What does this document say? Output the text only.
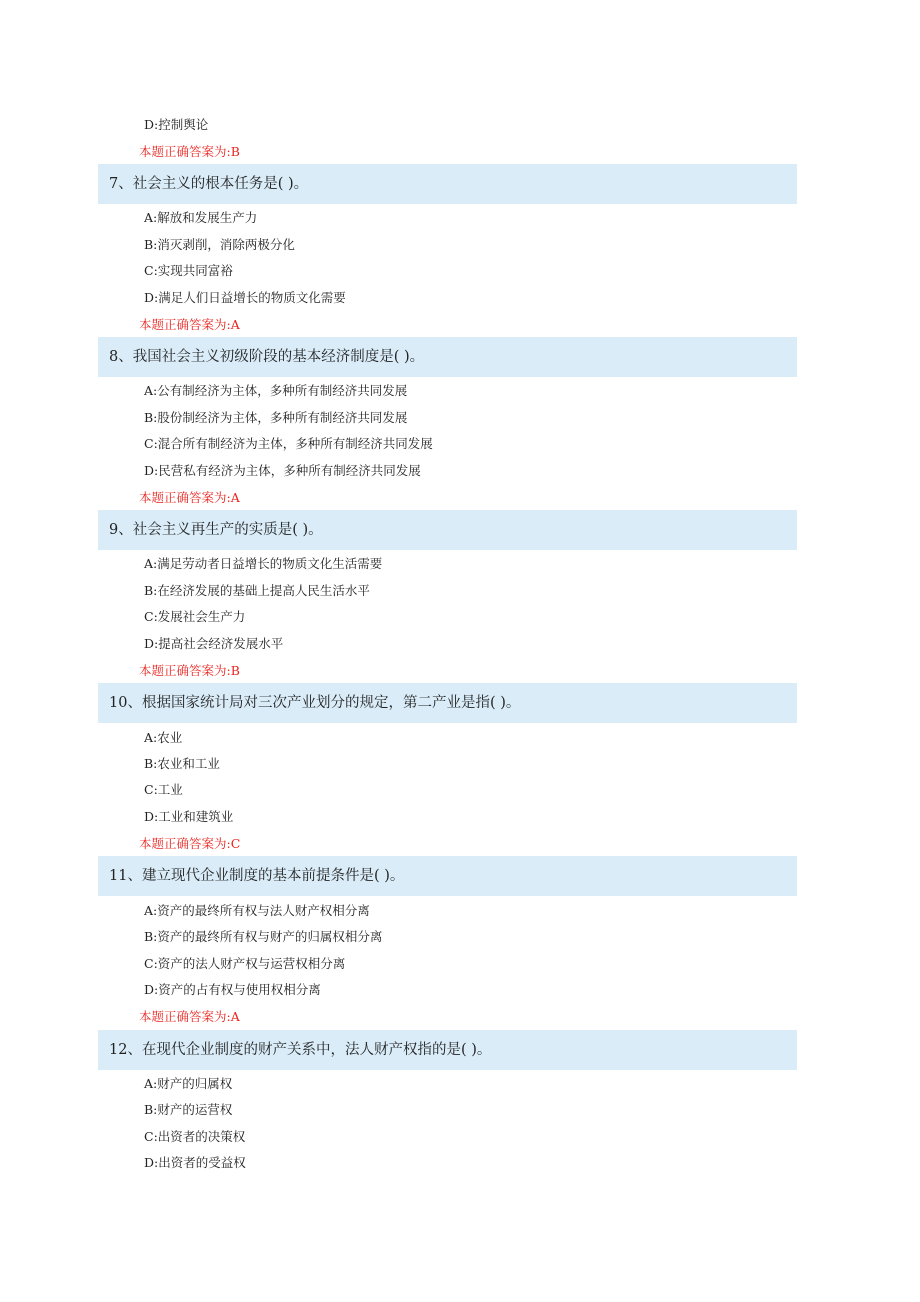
D:控制舆论
本题正确答案为:B
7、社会主义的根本任务是( )。
A:解放和发展生产力
B:消灭剥削，消除两极分化
C:实现共同富裕
D:满足人们日益增长的物质文化需要
本题正确答案为:A
8、我国社会主义初级阶段的基本经济制度是( )。
A:公有制经济为主体，多种所有制经济共同发展
B:股份制经济为主体，多种所有制经济共同发展
C:混合所有制经济为主体，多种所有制经济共同发展
D:民营私有经济为主体，多种所有制经济共同发展
本题正确答案为:A
9、社会主义再生产的实质是( )。
A:满足劳动者日益增长的物质文化生活需要
B:在经济发展的基础上提高人民生活水平
C:发展社会生产力
D:提高社会经济发展水平
本题正确答案为:B
10、根据国家统计局对三次产业划分的规定，第二产业是指( )。
A:农业
B:农业和工业
C:工业
D:工业和建筑业
本题正确答案为:C
11、建立现代企业制度的基本前提条件是( )。
A:资产的最终所有权与法人财产权相分离
B:资产的最终所有权与财产的归属权相分离
C:资产的法人财产权与运营权相分离
D:资产的占有权与使用权相分离
本题正确答案为:A
12、在现代企业制度的财产关系中，法人财产权指的是( )。
A:财产的归属权
B:财产的运营权
C:出资者的决策权
D:出资者的受益权
